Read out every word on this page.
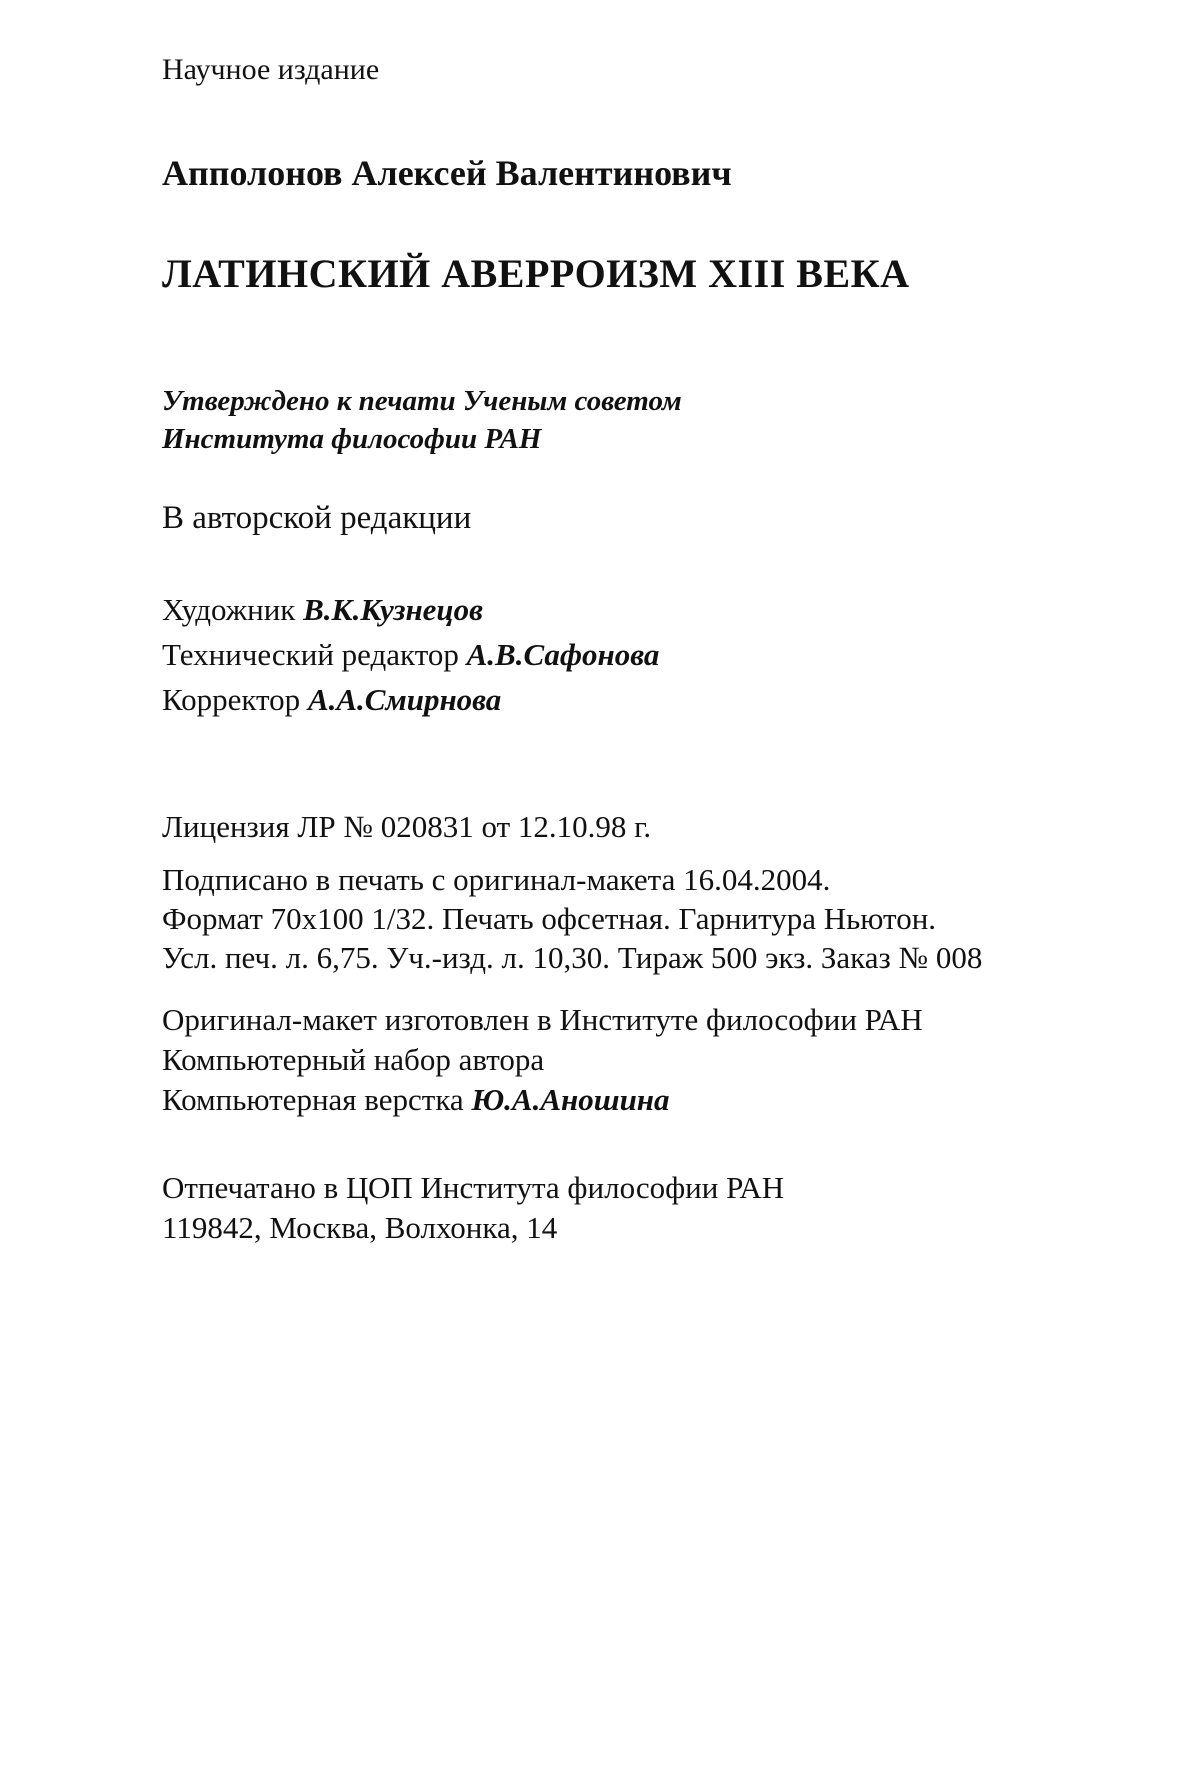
Научное издание
Апполонов Алексей Валентинович
ЛАТИНСКИЙ АВЕРРОИЗМ XIII ВЕКА
Утверждено к печати Ученым советом
Института философии РАН
В авторской редакции
Художник В.К.Кузнецов
Технический редактор А.В.Сафонова
Корректор А.А.Смирнова
Лицензия ЛР № 020831 от 12.10.98 г.
Подписано в печать с оригинал-макета 16.04.2004.
Формат 70x100 1/32. Печать офсетная. Гарнитура Ньютон.
Усл. печ. л. 6,75. Уч.-изд. л. 10,30. Тираж 500 экз. Заказ № 008
Оригинал-макет изготовлен в Институте философии РАН
Компьютерный набор автора
Компьютерная верстка Ю.А.Аношина
Отпечатано в ЦОП Института философии РАН
119842, Москва, Волхонка, 14
